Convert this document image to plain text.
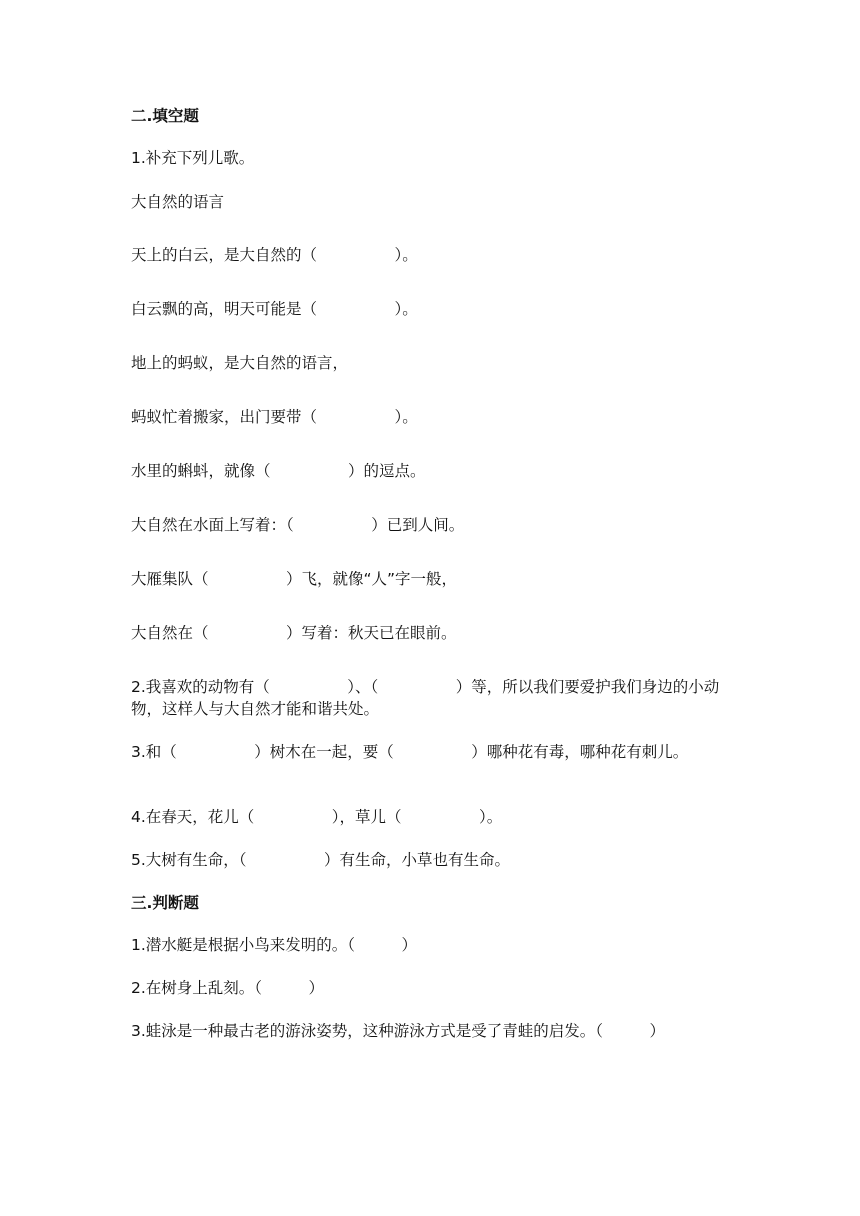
二.填空题
1.补充下列儿歌。
大自然的语言
天上的白云，是大自然的（　　　　　）。
白云飘的高，明天可能是（　　　　　）。
地上的蚂蚁，是大自然的语言，
蚂蚁忙着搬家，出门要带（　　　　　）。
水里的蝌蚪，就像（　　　　　）的逗点。
大自然在水面上写着：（　　　　　）已到人间。
大雁集队（　　　　　）飞，就像“人”字一般，
大自然在（　　　　　）写着：秋天已在眼前。
2.我喜欢的动物有（　　　　　）、（　　　　　）等，所以我们要爱护我们身边的小动物，这样人与大自然才能和谐共处。
3.和（　　　　　）树木在一起，要（　　　　　）哪种花有毒，哪种花有刺儿。
4.在春天，花儿（　　　　　），草儿（　　　　　）。
5.大树有生命，（　　　　　）有生命，小草也有生命。
三.判断题
1.潜水艇是根据小鸟来发明的。（　　　）
2.在树身上乱刻。（　　　）
3.蛙泳是一种最古老的游泳姿势，这种游泳方式是受了青蛙的启发。（　　　）
